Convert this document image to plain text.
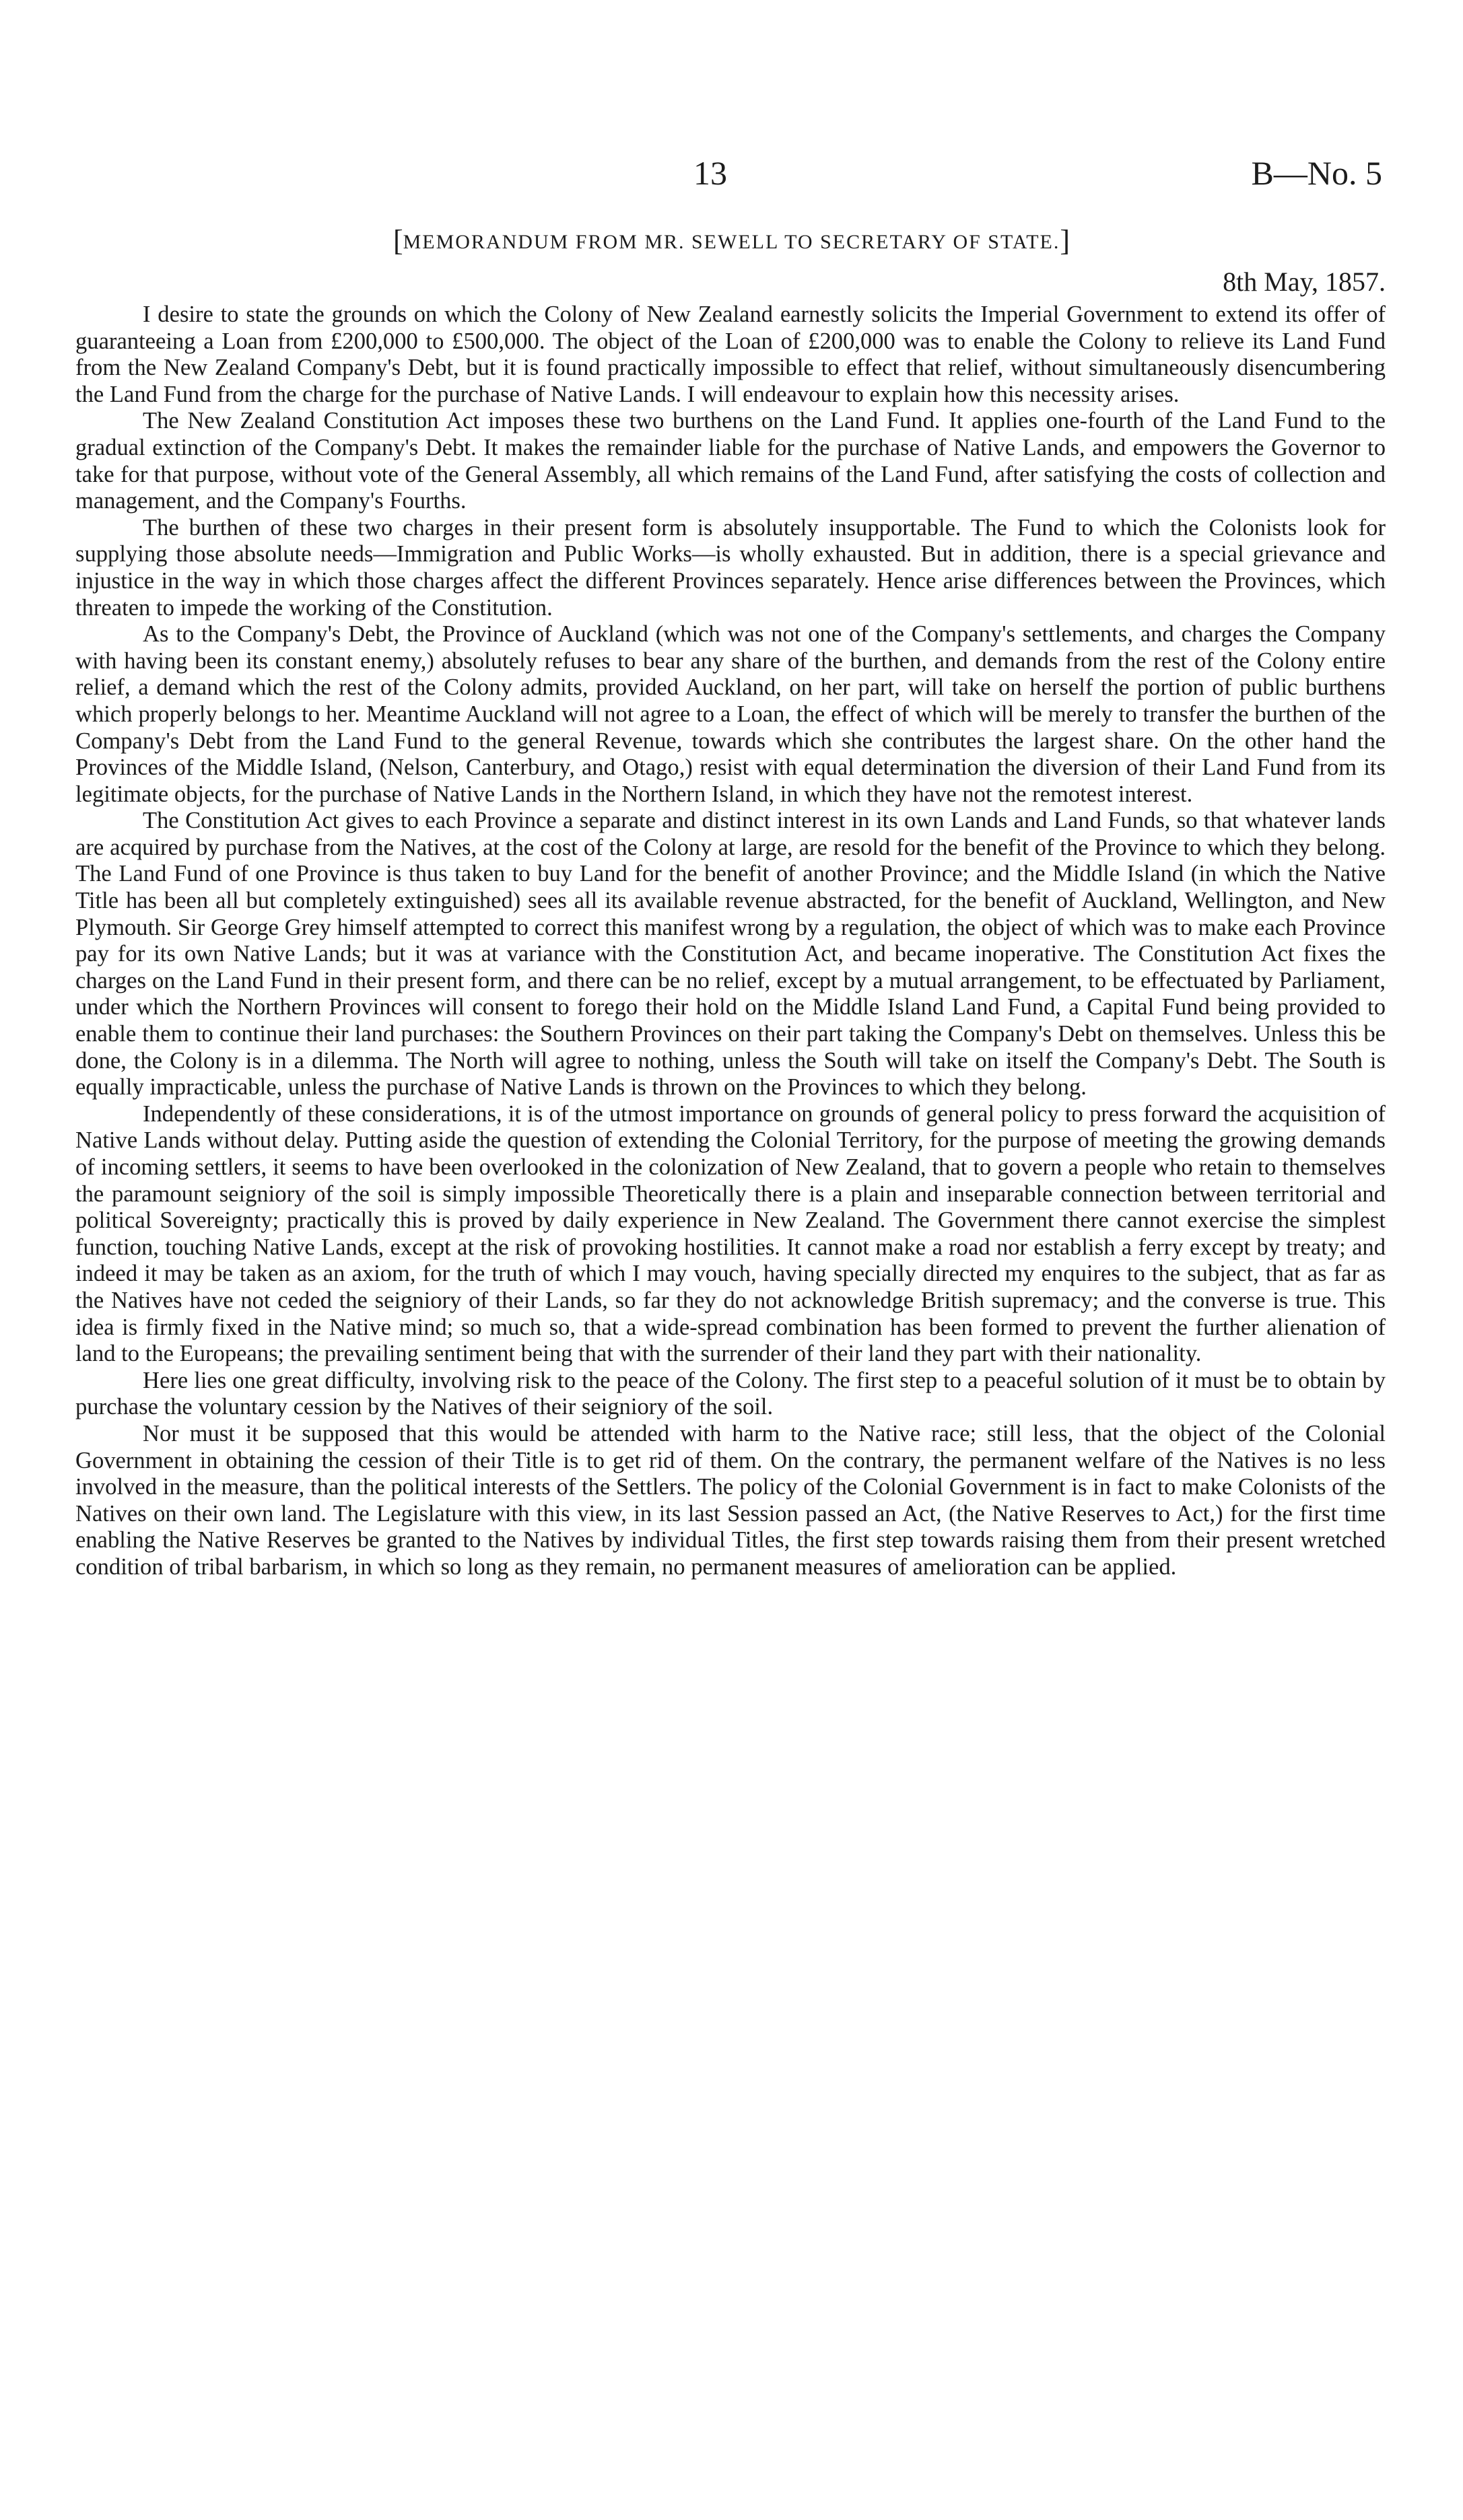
13	B—No. 5
[MEMORANDUM FROM MR. SEWELL TO SECRETARY OF STATE.]
8th May, 1857.

I desire to state the grounds on which the Colony of New Zealand earnestly solicits the Imperial Government to extend its offer of guaranteeing a Loan from £200,000 to £500,000. The object of the Loan of £200,000 was to enable the Colony to relieve its Land Fund from the New Zealand Company's Debt, but it is found practically impossible to effect that relief, without simultaneously disencumbering the Land Fund from the charge for the purchase of Native Lands. I will endeavour to explain how this necessity arises.

The New Zealand Constitution Act imposes these two burthens on the Land Fund. It applies one-fourth of the Land Fund to the gradual extinction of the Company's Debt. It makes the remainder liable for the purchase of Native Lands, and empowers the Governor to take for that purpose, without vote of the General Assembly, all which remains of the Land Fund, after satisfying the costs of collection and management, and the Company's Fourths.

The burthen of these two charges in their present form is absolutely insupportable. The Fund to which the Colonists look for supplying those absolute needs—Immigration and Public Works—is wholly exhausted. But in addition, there is a special grievance and injustice in the way in which those charges affect the different Provinces separately. Hence arise differences between the Provinces, which threaten to impede the working of the Constitution.

As to the Company's Debt, the Province of Auckland (which was not one of the Company's settlements, and charges the Company with having been its constant enemy,) absolutely refuses to bear any share of the burthen, and demands from the rest of the Colony entire relief, a demand which the rest of the Colony admits, provided Auckland, on her part, will take on herself the portion of public burthens which properly belongs to her. Meantime Auckland will not agree to a Loan, the effect of which will be merely to transfer the burthen of the Company's Debt from the Land Fund to the general Revenue, towards which she contributes the largest share. On the other hand the Provinces of the Middle Island, (Nelson, Canterbury, and Otago,) resist with equal determination the diversion of their Land Fund from its legitimate objects, for the purchase of Native Lands in the Northern Island, in which they have not the remotest interest.

The Constitution Act gives to each Province a separate and distinct interest in its own Lands and Land Funds, so that whatever lands are acquired by purchase from the Natives, at the cost of the Colony at large, are resold for the benefit of the Province to which they belong. The Land Fund of one Province is thus taken to buy Land for the benefit of another Province; and the Middle Island (in which the Native Title has been all but completely extinguished) sees all its available revenue abstracted, for the benefit of Auckland, Wellington, and New Plymouth. Sir George Grey himself attempted to correct this manifest wrong by a regulation, the object of which was to make each Province pay for its own Native Lands; but it was at variance with the Constitution Act, and became inoperative. The Constitution Act fixes the charges on the Land Fund in their present form, and there can be no relief, except by a mutual arrangement, to be effectuated by Parliament, under which the Northern Provinces will consent to forego their hold on the Middle Island Land Fund, a Capital Fund being provided to enable them to continue their land purchases: the Southern Provinces on their part taking the Company's Debt on themselves. Unless this be done, the Colony is in a dilemma. The North will agree to nothing, unless the South will take on itself the Company's Debt. The South is equally impracticable, unless the purchase of Native Lands is thrown on the Provinces to which they belong.

Independently of these considerations, it is of the utmost importance on grounds of general policy to press forward the acquisition of Native Lands without delay. Putting aside the question of extending the Colonial Territory, for the purpose of meeting the growing demands of incoming settlers, it seems to have been overlooked in the colonization of New Zealand, that to govern a people who retain to themselves the paramount seigniory of the soil is simply impossible Theoretically there is a plain and inseparable connection between territorial and political Sovereignty; practically this is proved by daily experience in New Zealand. The Government there cannot exercise the simplest function, touching Native Lands, except at the risk of provoking hostilities. It cannot make a road nor establish a ferry except by treaty; and indeed it may be taken as an axiom, for the truth of which I may vouch, having specially directed my enquires to the subject, that as far as the Natives have not ceded the seigniory of their Lands, so far they do not acknowledge British supremacy; and the converse is true. This idea is firmly fixed in the Native mind; so much so, that a wide-spread combination has been formed to prevent the further alienation of land to the Europeans; the prevailing sentiment being that with the surrender of their land they part with their nationality.

Here lies one great difficulty, involving risk to the peace of the Colony. The first step to a peaceful solution of it must be to obtain by purchase the voluntary cession by the Natives of their seigniory of the soil.

Nor must it be supposed that this would be attended with harm to the Native race; still less, that the object of the Colonial Government in obtaining the cession of their Title is to get rid of them. On the contrary, the permanent welfare of the Natives is no less involved in the measure, than the political interests of the Settlers. The policy of the Colonial Government is in fact to make Colonists of the Natives on their own land. The Legislature with this view, in its last Session passed an Act, (the Native Reserves to Act,) for the first time enabling the Native Reserves be granted to the Natives by individual Titles, the first step towards raising them from their present wretched condition of tribal barbarism, in which so long as they remain, no permanent measures of amelioration can be applied.
